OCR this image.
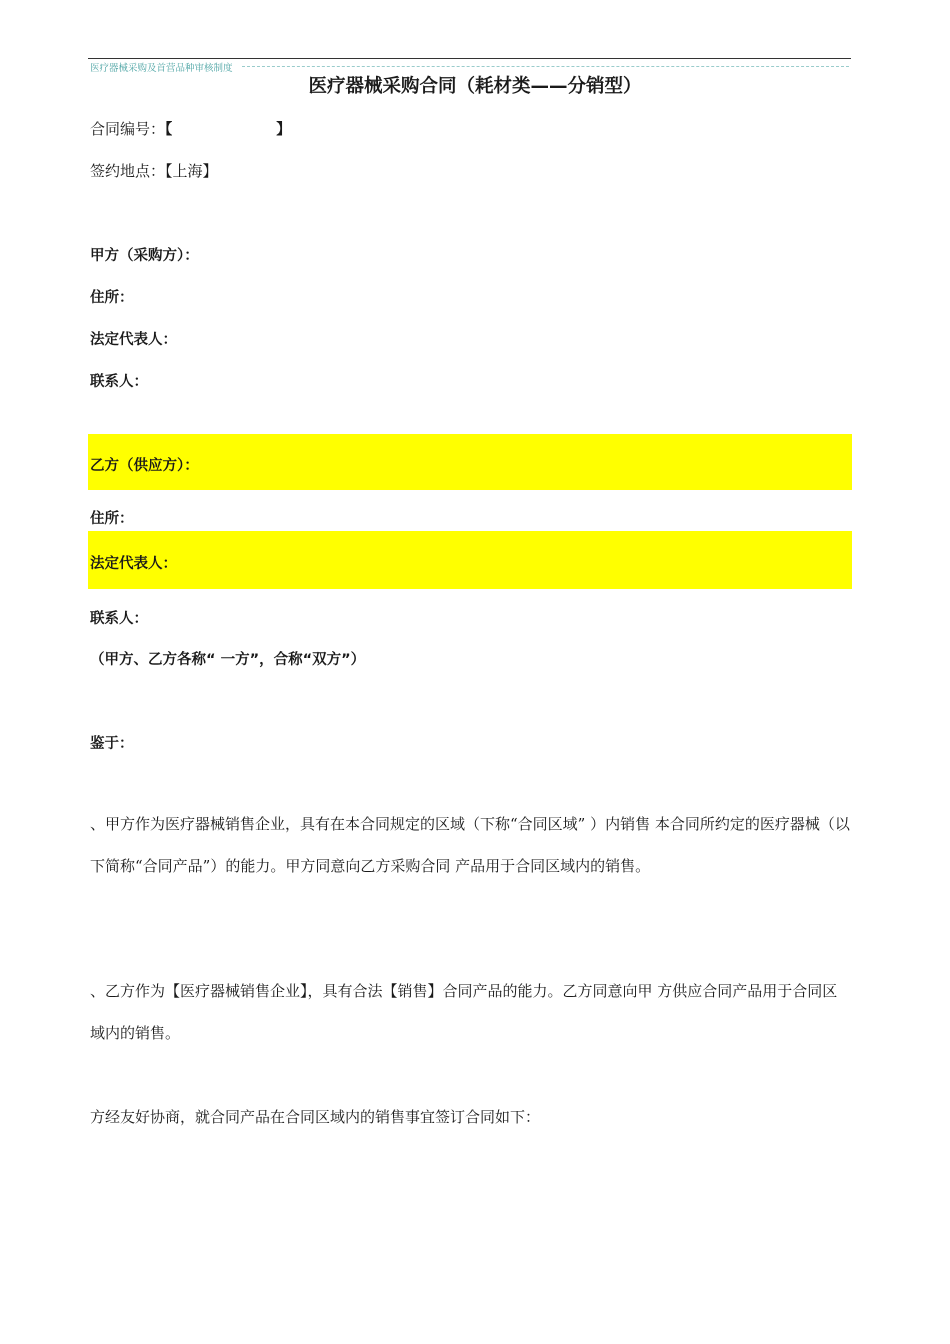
医疗器械采购及首营品种审核制度
医疗器械采购合同（耗材类——分销型）
合同编号：【	】
签约地点：【上海】
甲方（采购方）：
住所：
法定代表人：
联系人：
乙方（供应方）：
住所：
法定代表人：
联系人：
（甲方、乙方各称“ 一方”，合称“双方”）
鉴于：
、甲方作为医疗器械销售企业，具有在本合同规定的区域（下称“合同区域” ）内销售 本合同所约定的医疗器械（以下简称“合同产品”）的能力。甲方同意向乙方采购合同 产品用于合同区域内的销售。
、乙方作为【医疗器械销售企业】，具有合法【销售】合同产品的能力。乙方同意向甲 方供应合同产品用于合同区域内的销售。
方经友好协商，就合同产品在合同区域内的销售事宜签订合同如下：
